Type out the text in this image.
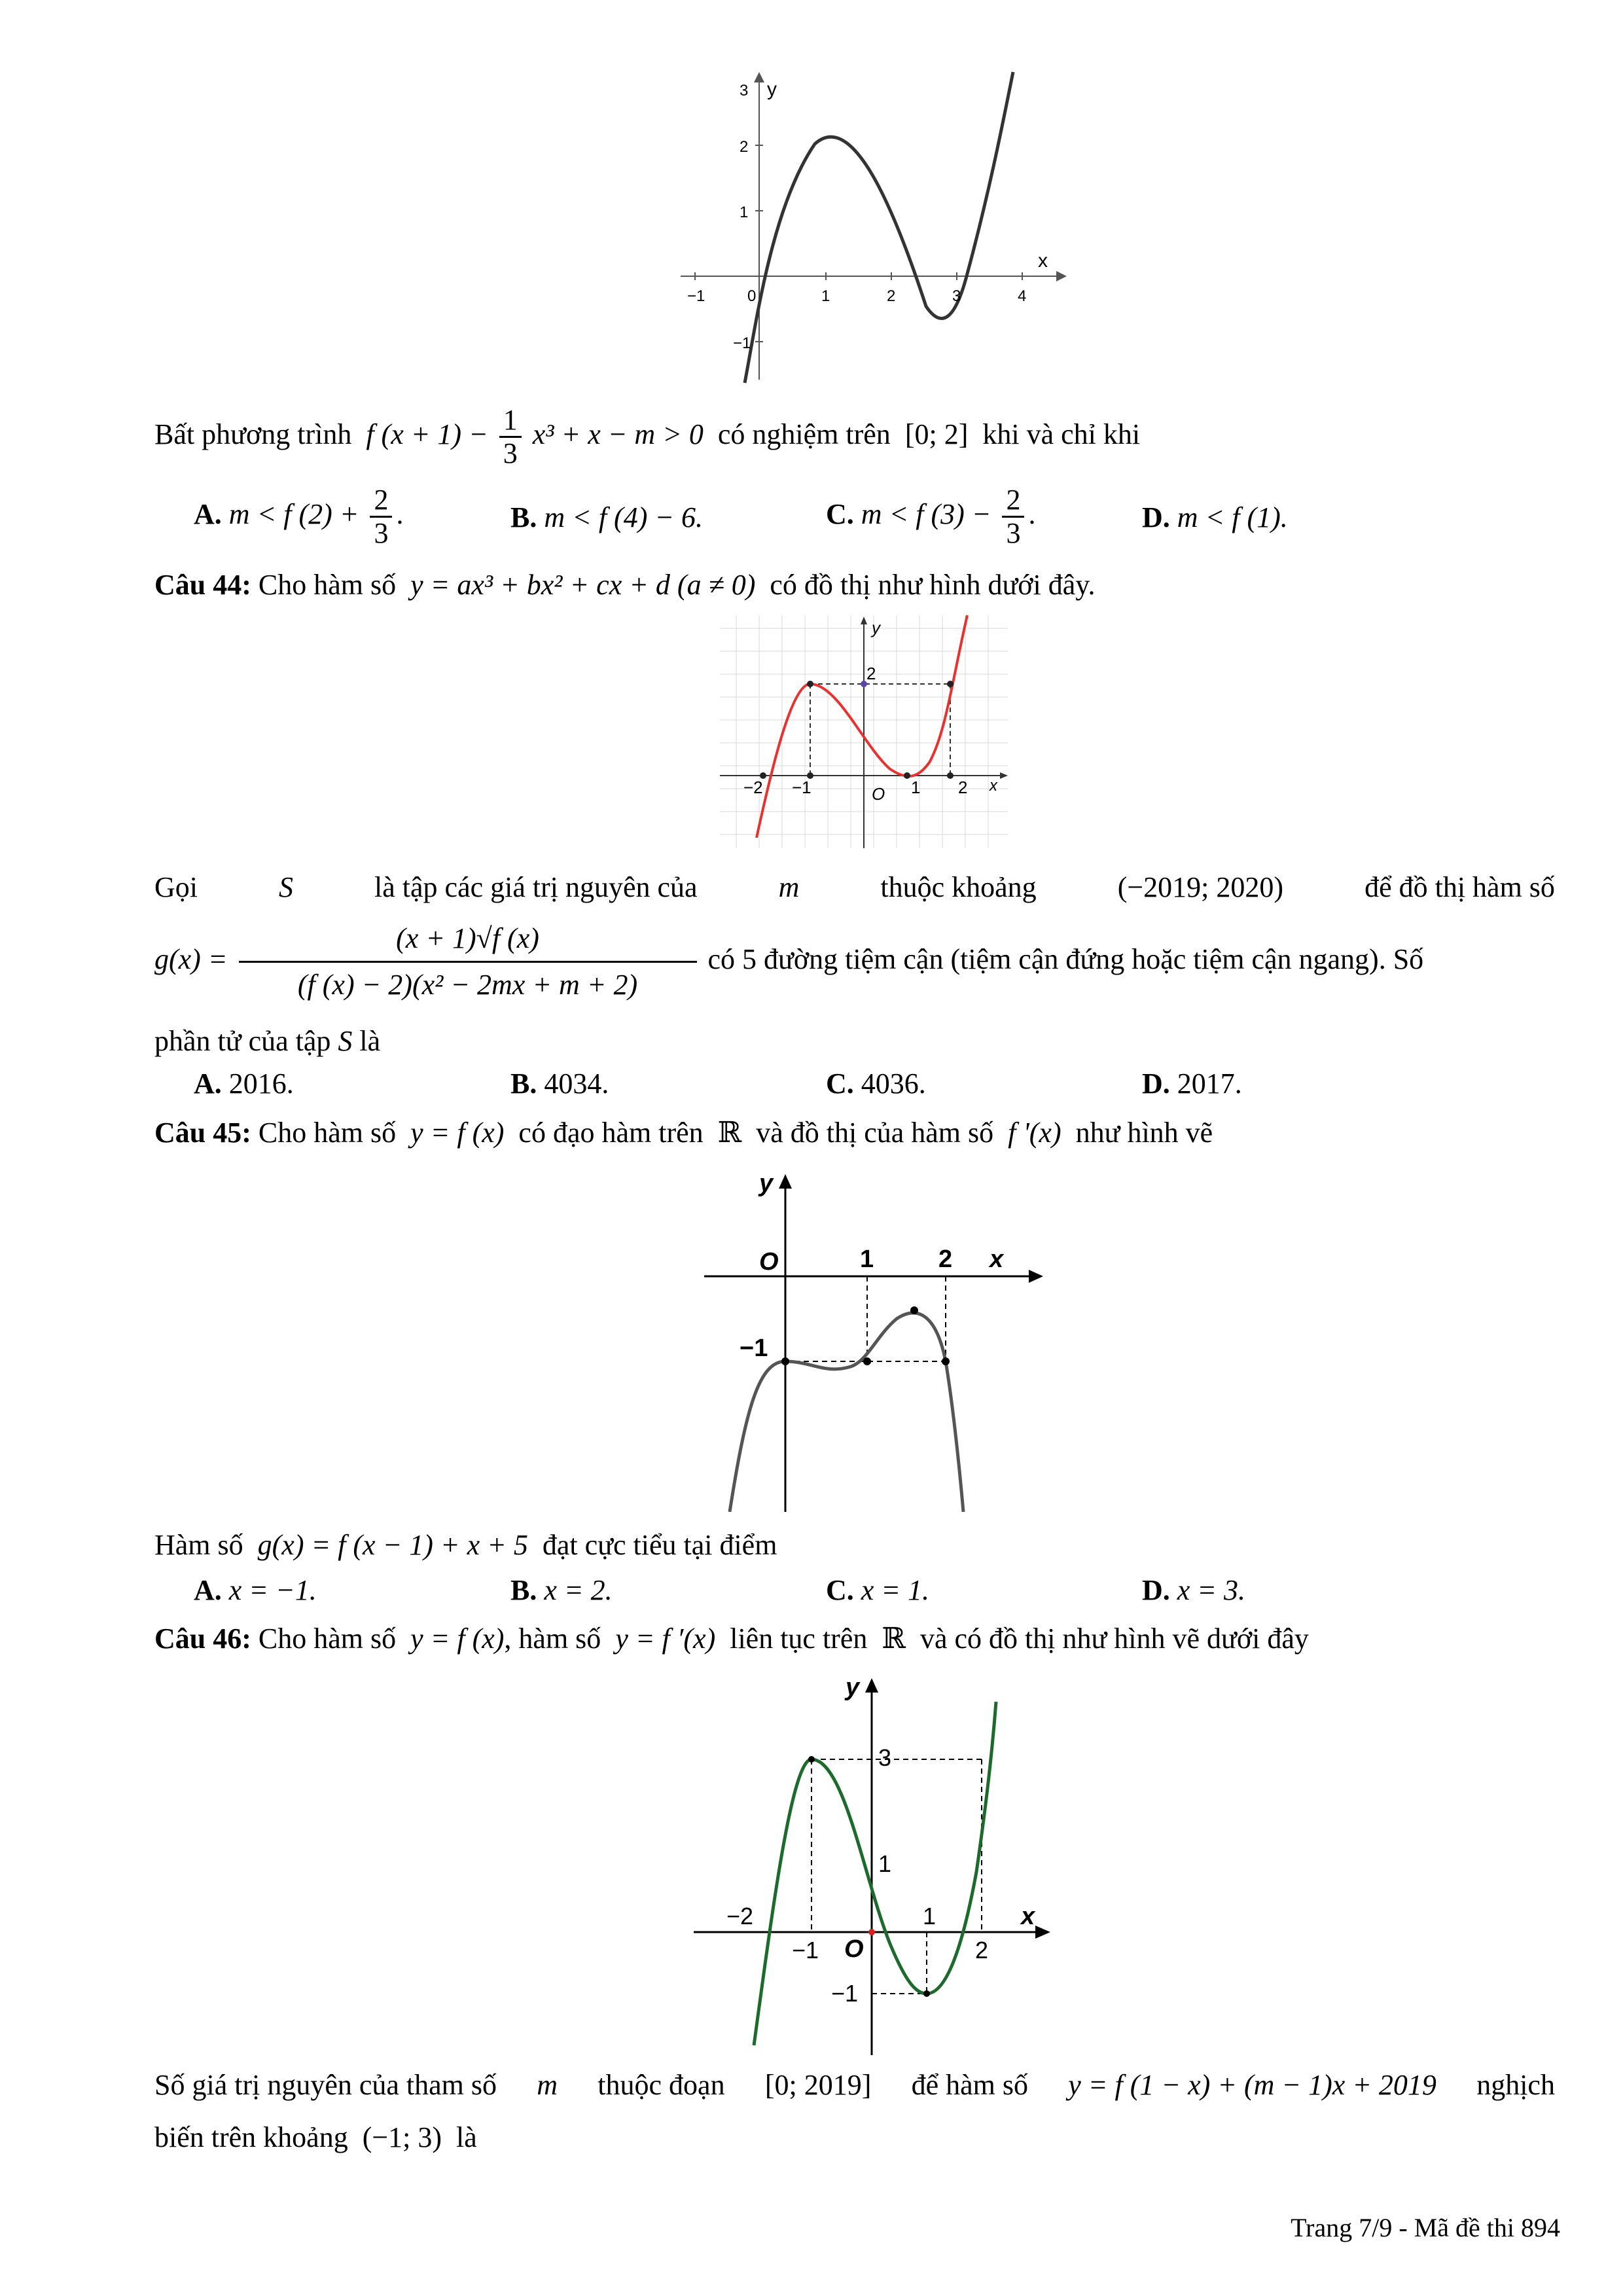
y
x
−1	0	1	2	3	4
3
2
1
−1
Bất phương trình f $(x + 1) - \frac{1}{3} x^3 + x - m > 0$ có nghiệm trên [0; 2] khi và chỉ khi
A. m < f $(2) + \frac{2}{3}$ .	B. m < f (4) − 6.	C. m < f $(3) - \frac{2}{3}$ .	D. m < f (1).
Câu 44: Cho hàm số y = ax³ + bx² + cx + d (a ≠ 0) có đồ thị như hình dưới đây.
y
2
x
−2 −1	O 1 2
Gọi	S	là tập các giá trị nguyên của	m	thuộc khoảng	(−2019; 2020)	để đồ thị hàm số
$g(x) = \frac{(x + 1)√f (x)}{\text{(f (x) − 2)(x² − 2mx + m + 2)}}$ có 5 đường tiệm cận (tiệm cận đứng hoặc tiệm cận ngang). Số
phần tử của tập S là
A. 2016.	B. 4034.	C. 4036.	D. 2017.
Câu 45: Cho hàm số y = f (x) có đạo hàm trên ℝ và đồ thị của hàm số f '(x) như hình vẽ
y
O	1	2 x
−1
Hàm số g(x) = f (x − 1) + x + 5 đạt cực tiểu tại điểm
A. x = −1.	B. x = 2.	C. x = 1.	D. x = 3.
Câu 46: Cho hàm số y = f (x), hàm số y = f ′(x) liên tục trên ℝ và có đồ thị như hình vẽ dưới đây
y
3
1
−2	1	x
−1 O	2
−1
Số giá trị nguyên của tham số m thuộc đoạn [0; 2019] để hàm số y = f (1 − x) + (m − 1)x + 2019 nghịch
biến trên khoảng (−1; 3) là
Trang 7/9 - Mã đề thi 894
